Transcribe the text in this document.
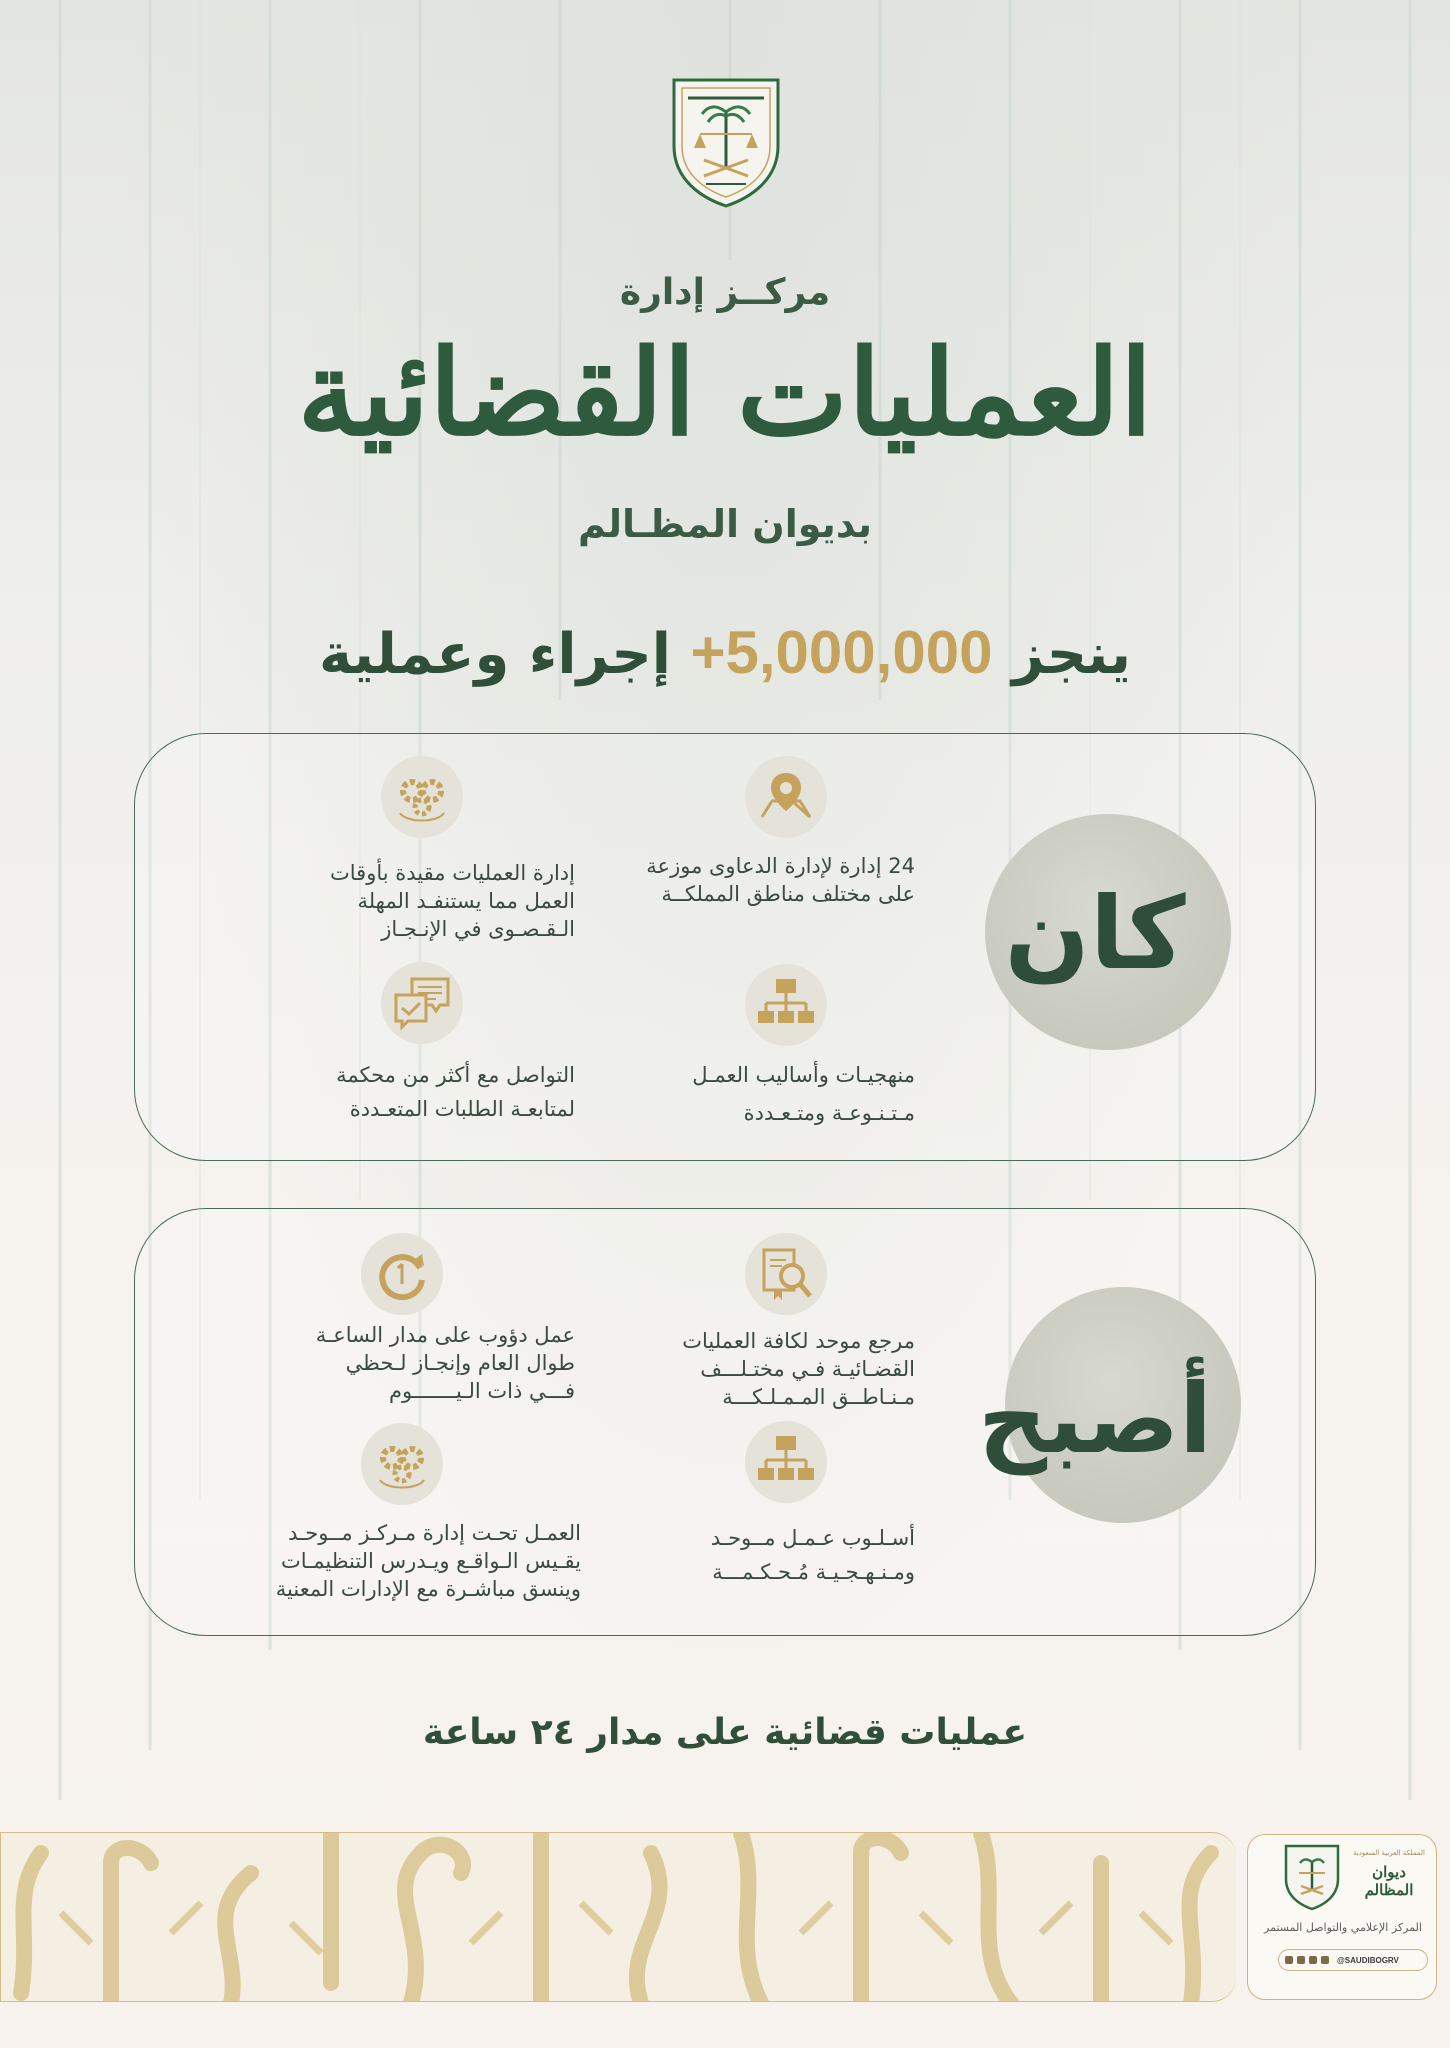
مركــز إدارة
العمليات القضائية
بديوان المظـالم
ينجز +5,000,000 إجراء وعملية
كان
24 إدارة لإدارة الدعاوى موزعة
على مختلف مناطق المملكــة
إدارة العمليات مقيدة بأوقات
العمل مما يستنفـد المهلة
الـقـصـوى في الإنـجـاز
منهجيـات وأساليب العمـل
مـتـنـوعـة ومتـعـددة
التواصل مع أكثر من محكمة
لمتابعـة الطلبات المتعـددة
أصبح
مرجع موحد لكافة العمليات
القضـائيـة فـي مختـلـــف
مـنـاطــق المـمـلـكـــة
عمل دؤوب على مدار الساعـة
طوال العام وإنجـاز لـحظي
فـــي ذات الـيـــــــوم
أسـلـوب عـمـل مــوحـد
ومـنـهـجـيـة مُـحـكـمـــة
العمـل تحـت إدارة مـركـز مــوحـد
يقـيس الـواقـع ويـدرس التنظيمـات
وينسق مباشـرة مع الإدارات المعنية
عمليات قضائية على مدار ٢٤ ساعة
المملكة العربية السعودية
ديوان المظالم
المركز الإعلامي والتواصل المستمر
@SAUDIBOGRV
